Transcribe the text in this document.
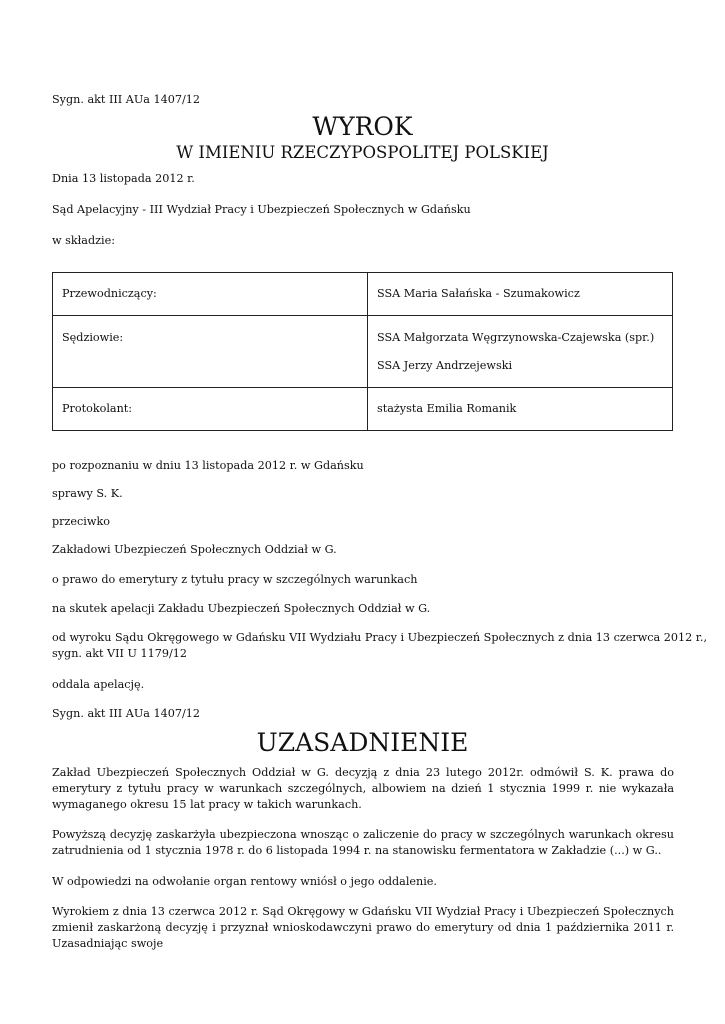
Sygn. akt III AUa 1407/12

WYROK
W IMIENIU RZECZYPOSPOLITEJ POLSKIEJ

Dnia 13 listopada 2012 r.

Sąd Apelacyjny - III Wydział Pracy i Ubezpieczeń Społecznych w Gdańsku

w składzie:

Przewodniczący:	SSA Maria Sałańska - Szumakowicz

Sędziowie:	SSA Małgorzata Węgrzynowska-Czajewska (spr.)
SSA Jerzy Andrzejewski

Protokolant:	stażysta Emilia Romanik

po rozpoznaniu w dniu 13 listopada 2012 r. w Gdańsku

sprawy S. K.

przeciwko

Zakładowi Ubezpieczeń Społecznych Oddział w G.

o prawo do emerytury z tytułu pracy w szczególnych warunkach

na skutek apelacji Zakładu Ubezpieczeń Społecznych Oddział w G.

od wyroku Sądu Okręgowego w Gdańsku VII Wydziału Pracy i Ubezpieczeń Społecznych z dnia 13 czerwca 2012 r.,

sygn. akt VII U 1179/12

oddala apelację.

Sygn. akt III AUa 1407/12

UZASADNIENIE

Zakład Ubezpieczeń Społecznych Oddział w G. decyzją z dnia 23 lutego 2012r. odmówił S. K. prawa do emerytury z tytułu pracy w warunkach szczególnych, albowiem na dzień 1 stycznia 1999 r. nie wykazała wymaganego okresu 15 lat pracy w takich warunkach.

Powyższą decyzję zaskarżyła ubezpieczona wnosząc o zaliczenie do pracy w szczególnych warunkach okresu zatrudnienia od 1 stycznia 1978 r. do 6 listopada 1994 r. na stanowisku fermentatora w Zakładzie (...) w G..

W odpowiedzi na odwołanie organ rentowy wniósł o jego oddalenie.

Wyrokiem z dnia 13 czerwca 2012 r. Sąd Okręgowy w Gdańsku VII Wydział Pracy i Ubezpieczeń Społecznych zmienił zaskarżoną decyzję i przyznał wnioskodawczyni prawo do emerytury od dnia 1 października 2011 r. Uzasadniając swoje
